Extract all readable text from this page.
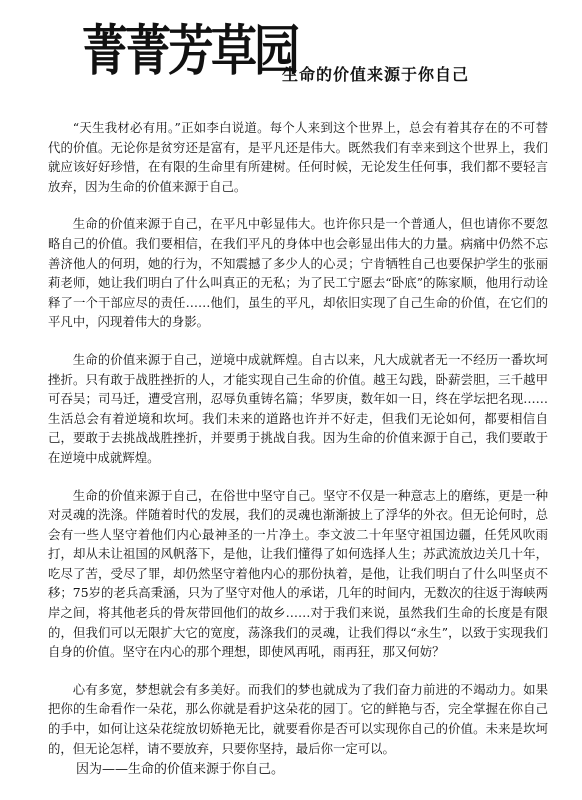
菁菁芳草园
生命的价值来源于你自己

“天生我材必有用。”正如李白说道。每个人来到这个世界上，总会有着其存在的不可替代的价值。无论你是贫穷还是富有，是平凡还是伟大。既然我们有幸来到这个世界上，我们就应该好好珍惜，在有限的生命里有所建树。任何时候，无论发生任何事，我们都不要轻言放弃，因为生命的价值来源于自己。

生命的价值来源于自己，在平凡中彰显伟大。也许你只是一个普通人，但也请你不要忽略自己的价值。我们要相信，在我们平凡的身体中也会彰显出伟大的力量。病痛中仍然不忘善济他人的何玥，她的行为，不知震撼了多少人的心灵；宁肯牺牲自己也要保护学生的张丽莉老师，她让我们明白了什么叫真正的无私；为了民工宁愿去“卧底”的陈家顺，他用行动诠释了一个干部应尽的责任……他们，虽生的平凡，却依旧实现了自己生命的价值，在它们的平凡中，闪现着伟大的身影。

生命的价值来源于自己，逆境中成就辉煌。自古以来，凡大成就者无一不经历一番坎坷挫折。只有敢于战胜挫折的人，才能实现自己生命的价值。越王勾践，卧薪尝胆，三千越甲可吞吴；司马迁，遭受宫刑，忍辱负重铸名篇；华罗庚，数年如一日，终在学坛把名现……生活总会有着逆境和坎坷。我们未来的道路也许并不好走，但我们无论如何，都要相信自己，要敢于去挑战战胜挫折，并要勇于挑战自我。因为生命的价值来源于自己，我们要敢于在逆境中成就辉煌。

生命的价值来源于自己，在俗世中坚守自己。坚守不仅是一种意志上的磨练，更是一种对灵魂的洗涤。伴随着时代的发展，我们的灵魂也渐渐披上了浮华的外衣。但无论何时，总会有一些人坚守着他们内心最神圣的一片净土。李文波二十年坚守祖国边疆，任凭风吹雨打，却从未让祖国的风帆落下，是他，让我们懂得了如何选择人生；苏武流放边关几十年，吃尽了苦，受尽了罪，却仍然坚守着他内心的那份执着，是他，让我们明白了什么叫坚贞不移；75岁的老兵高秉涵，只为了坚守对他人的承诺，几年的时间内，无数次的往返于海峡两岸之间，将其他老兵的骨灰带回他们的故乡……对于我们来说，虽然我们生命的长度是有限的，但我们可以无限扩大它的宽度，荡涤我们的灵魂，让我们得以“永生”，以致于实现我们自身的价值。坚守在内心的那个理想，即使风再吼，雨再狂，那又何妨？

心有多宽，梦想就会有多美好。而我们的梦也就成为了我们奋力前进的不竭动力。如果把你的生命看作一朵花，那么你就是看护这朵花的园丁。它的鲜艳与否，完全掌握在你自己的手中，如何让这朵花绽放切娇艳无比，就要看你是否可以实现你自己的价值。未来是坎坷的，但无论怎样，请不要放弃，只要你坚持，最后你一定可以。

因为——生命的价值来源于你自己。
